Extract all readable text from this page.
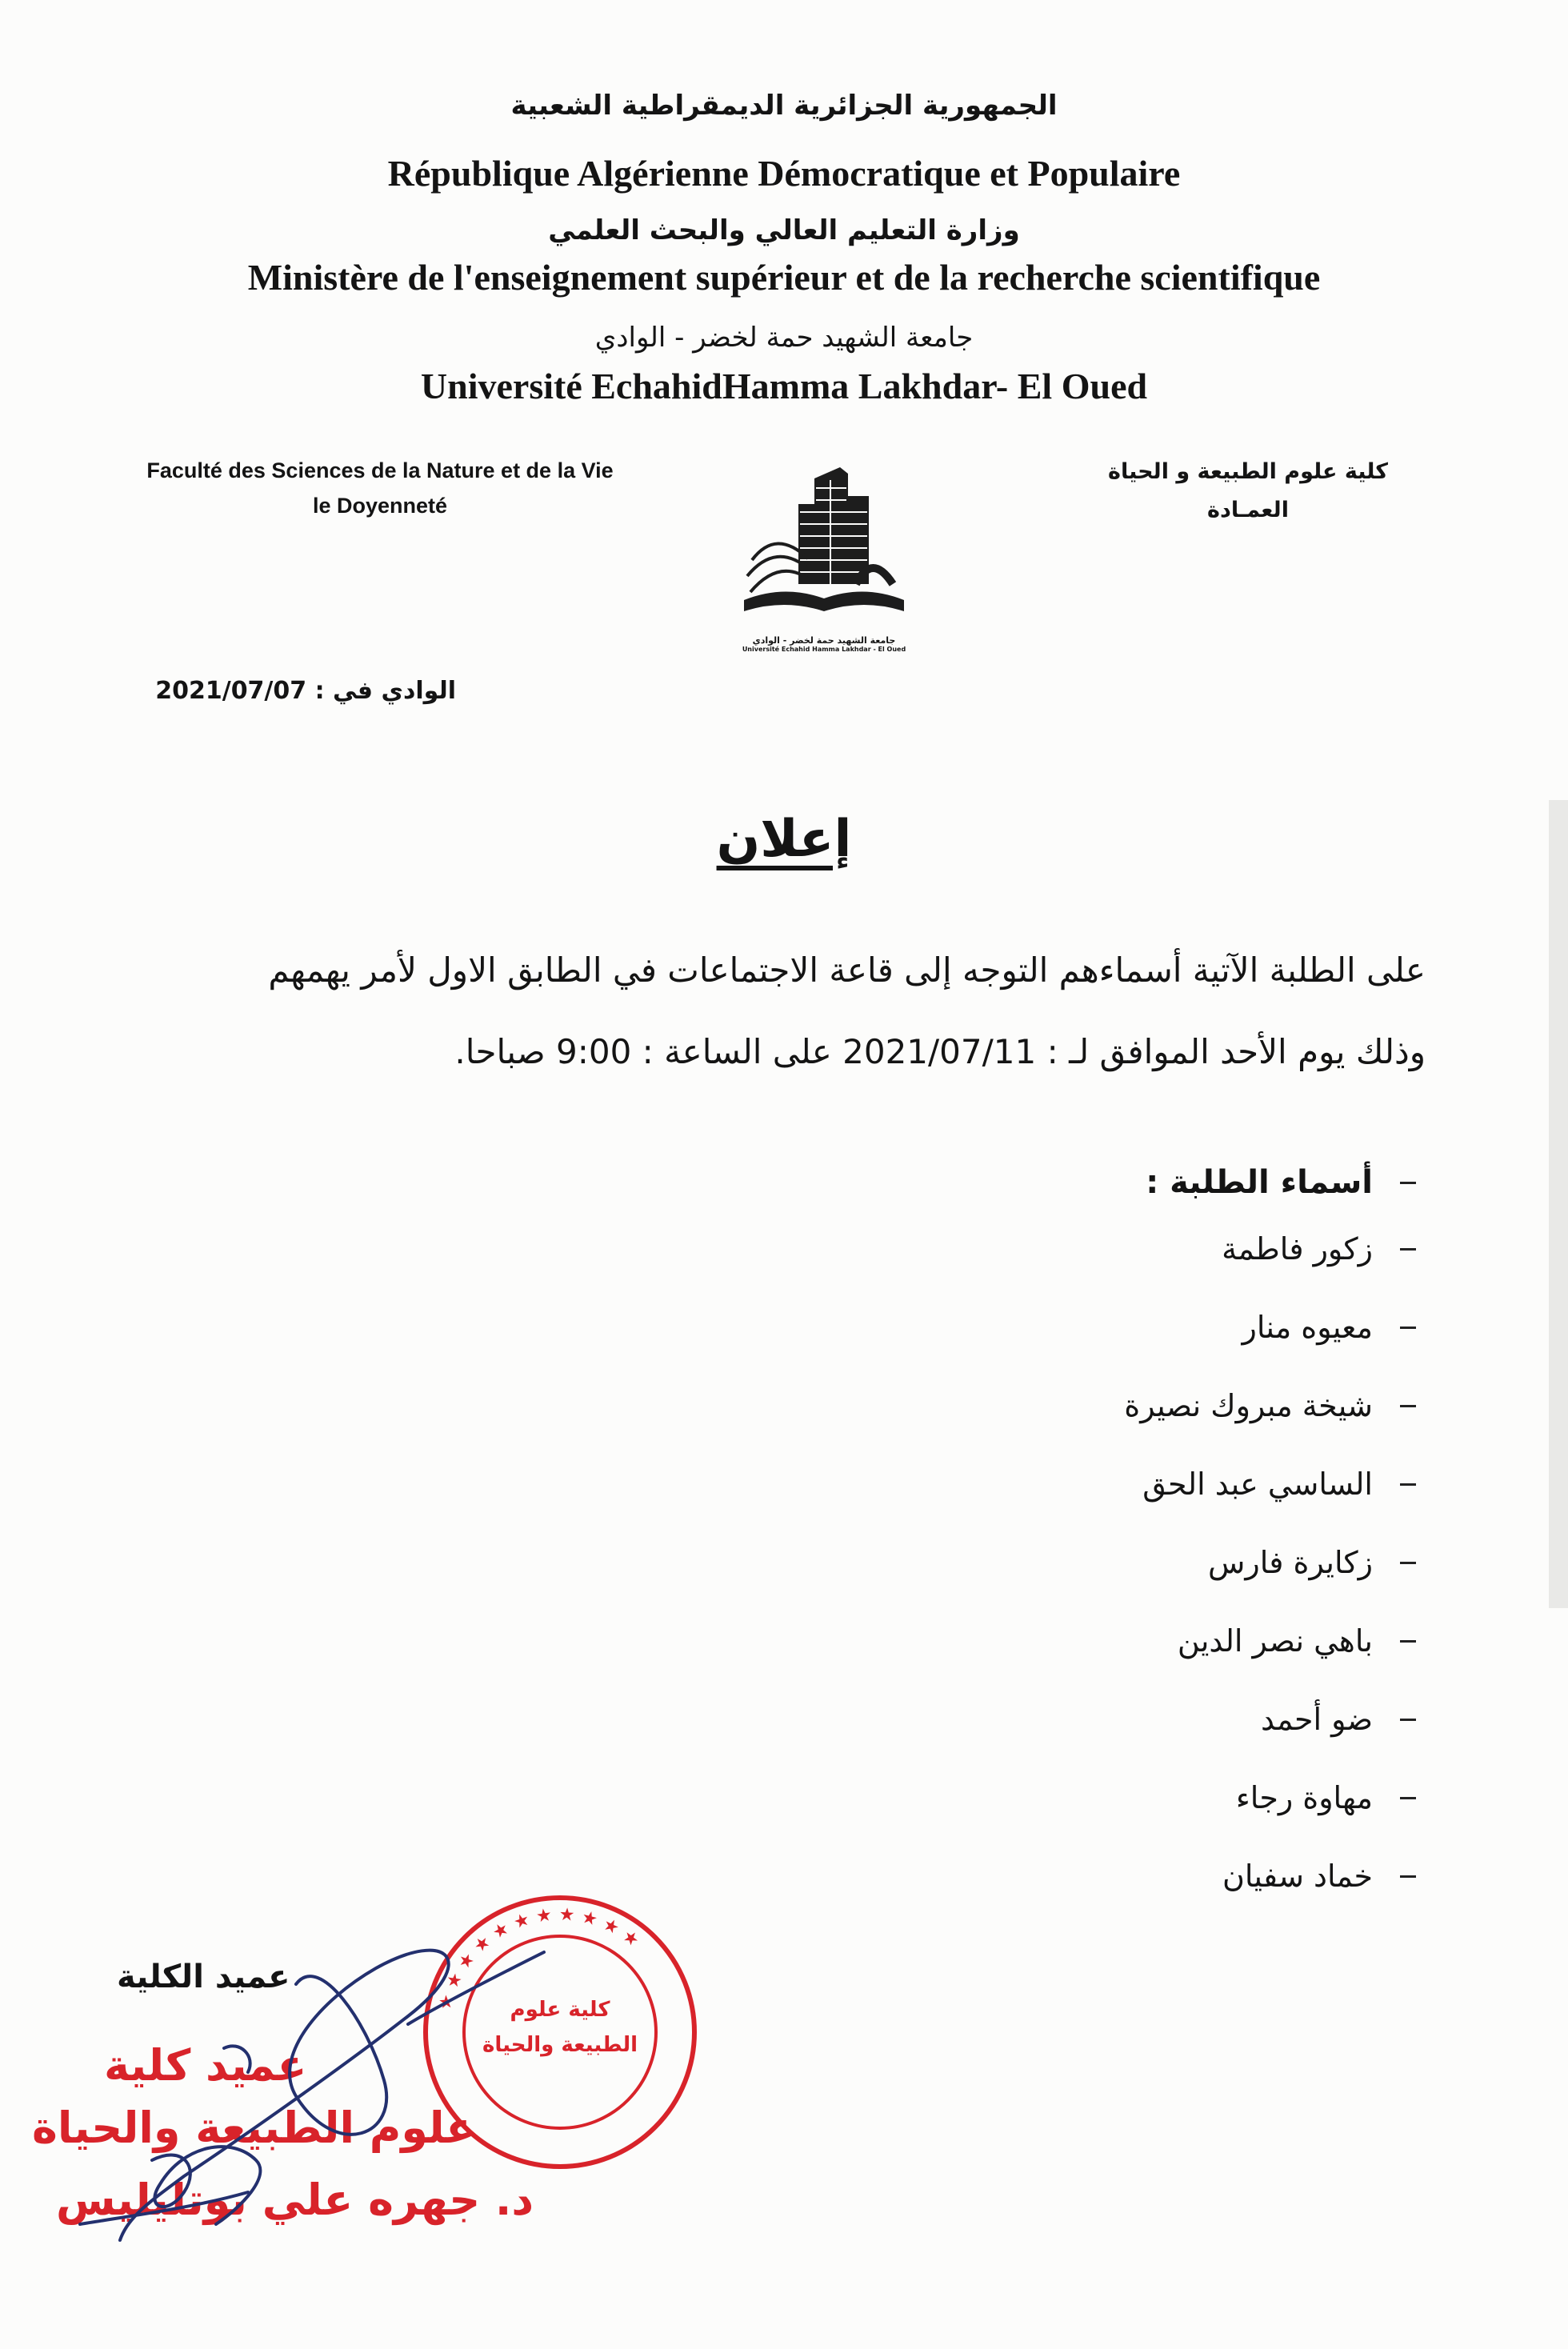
الجمهورية الجزائرية الديمقراطية الشعبية
République Algérienne Démocratique et Populaire
وزارة التعليم العالي والبحث العلمي
Ministère de l'enseignement supérieur et de la recherche scientifique
جامعة الشهيد حمة لخضر - الوادي
Université EchahidHamma Lakhdar- El Oued
Faculté des Sciences de la Nature et de la Vie
le Doyenneté
كلية علوم الطبيعة و الحياة
العمـادة
جامعة الشهيد حمة لخضر - الوادي
Université Echahid Hamma Lakhdar - El Oued
الوادي في : 2021/07/07
إعلان
على الطلبة الآتية أسماءهم التوجه إلى قاعة الاجتماعات في الطابق الاول لأمر يهمهم
وذلك يوم الأحد الموافق لـ : 2021/07/11 على الساعة : 9:00 صباحا.
أسماء الطلبة :
زكور فاطمة
معيوه منار
شيخة مبروك نصيرة
الساسي عبد الحق
زكايرة فارس
باهي نصر الدين
ضو أحمد
مهاوة رجاء
خماد سفيان
★ ★ ★ ★ ★ ★ ★ ★ ★ ★ ★
كلية علوم الطبيعة والحياة
عميد الكلية
عميد كلية
علوم الطبيعة والحياة
د. جهره علي بوتليليس
